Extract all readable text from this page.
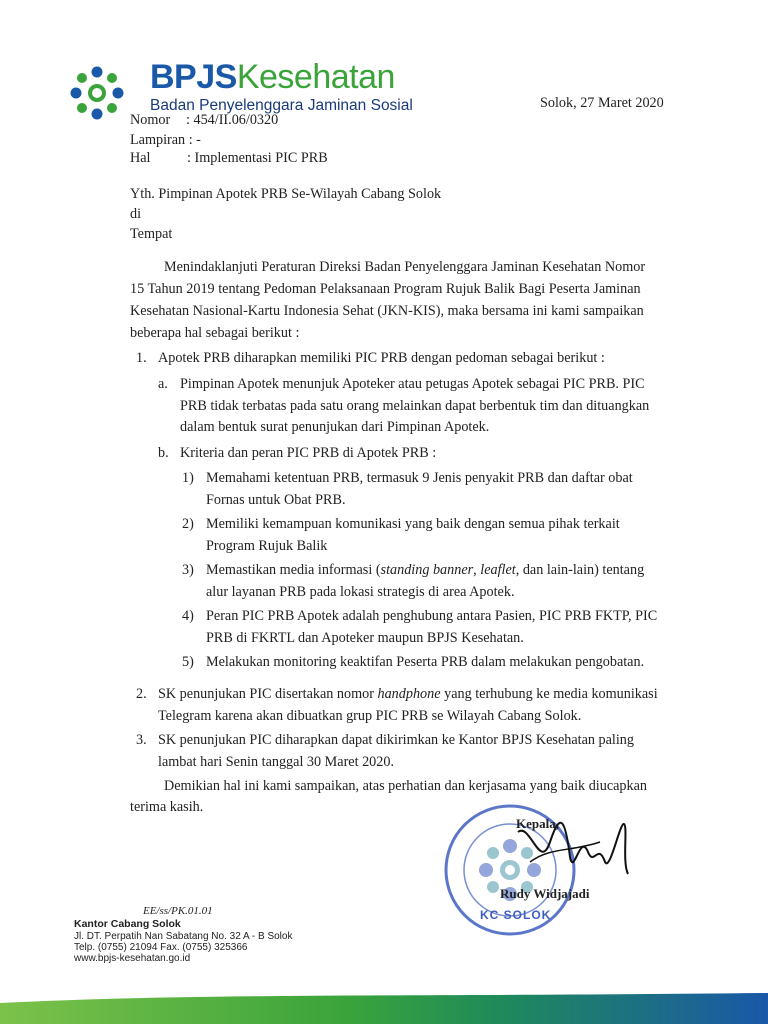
BPJSKesehatan
Badan Penyelenggara Jaminan Sosial	Solok, 27 Maret 2020
Nomor : 454/II.06/0320
Lampiran : -
Hal	: Implementasi PIC PRB
Yth. Pimpinan Apotek PRB Se-Wilayah Cabang Solok
di
Tempat
Menindaklanjuti Peraturan Direksi Badan Penyelenggara Jaminan Kesehatan Nomor
15 Tahun 2019 tentang Pedoman Pelaksanaan Program Rujuk Balik Bagi Peserta Jaminan
Kesehatan Nasional-Kartu Indonesia Sehat (JKN-KIS), maka bersama ini kami sampaikan
beberapa hal sebagai berikut :
1. Apotek PRB diharapkan memiliki PIC PRB dengan pedoman sebagai berikut :
a. Pimpinan Apotek menunjuk Apoteker atau petugas Apotek sebagai PIC PRB. PIC
PRB tidak terbatas pada satu orang melainkan dapat berbentuk tim dan dituangkan
dalam bentuk surat penunjukan dari Pimpinan Apotek.
b. Kriteria dan peran PIC PRB di Apotek PRB :
1) Memahami ketentuan PRB, termasuk 9 Jenis penyakit PRB dan daftar obat
Fornas untuk Obat PRB.
2) Memiliki kemampuan komunikasi yang baik dengan semua pihak terkait
Program Rujuk Balik
3) Memastikan media informasi (standing banner, leaflet, dan lain-lain) tentang
alur layanan PRB pada lokasi strategis di area Apotek.
4) Peran PIC PRB Apotek adalah penghubung antara Pasien, PIC PRB FKTP, PIC
PRB di FKRTL dan Apoteker maupun BPJS Kesehatan.
5) Melakukan monitoring keaktifan Peserta PRB dalam melakukan pengobatan.
2. SK penunjukan PIC disertakan nomor handphone yang terhubung ke media komunikasi
Telegram karena akan dibuatkan grup PIC PRB se Wilayah Cabang Solok.
3. SK penunjukan PIC diharapkan dapat dikirimkan ke Kantor BPJS Kesehatan paling
lambat hari Senin tanggal 30 Maret 2020.
Demikian hal ini kami sampaikan, atas perhatian dan kerjasama yang baik diucapkan
terima kasih.
KC SOLOK
Kepala,
Rudy Widjajadi
EE/ss/PK.01.01
Kantor Cabang Solok
Jl. DT. Perpatih Nan Sabatang No. 32 A - B Solok
Telp. (0755) 21094 Fax. (0755) 325366
www.bpjs-kesehatan.go.id
